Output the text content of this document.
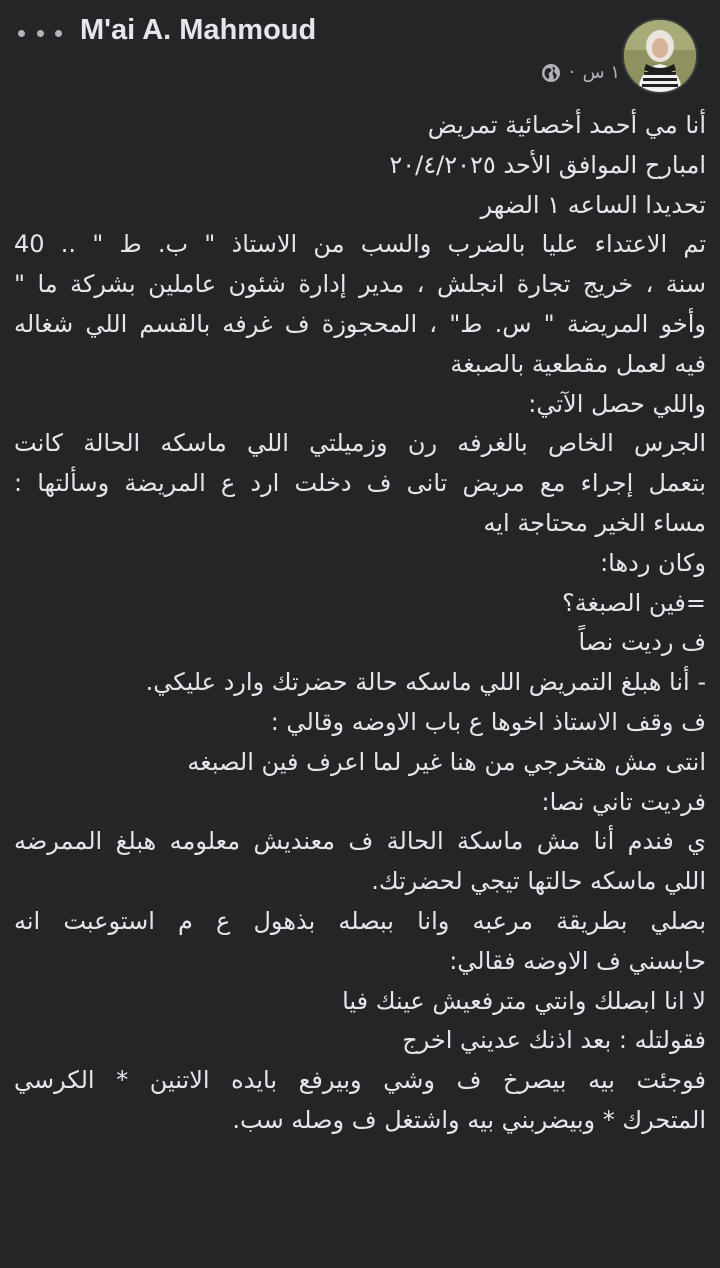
M'ai A. Mahmoud
· ١ س
أنا مي أحمد أخصائية تمريض
امبارح الموافق الأحد ٢٠/٤/٢٠٢٥
تحديدا الساعه ١ الضهر
تم الاعتداء عليا بالضرب والسب من الاستاذ " ب. ط " .. 40
سنة ، خريج تجارة انجلش ، مدير إدارة شئون عاملين بشركة ما "
وأخو المريضة " س. ط" ، المحجوزة ف غرفه بالقسم اللي شغاله
فيه لعمل مقطعية بالصبغة
واللي حصل الآتي:
الجرس الخاص بالغرفه رن وزميلتي اللي ماسكه الحالة كانت
بتعمل إجراء مع مريض تانى ف دخلت ارد ع المريضة وسألتها :
مساء الخير محتاجة ايه
وكان ردها:
=فين الصبغة؟
ف رديت نصاً
- أنا هبلغ التمريض اللي ماسكه حالة حضرتك وارد عليكي.
ف وقف الاستاذ اخوها ع باب الاوضه وقالي :
انتى مش هتخرجي من هنا غير لما اعرف فين الصبغه
فرديت تاني نصا:
ي فندم أنا مش ماسكة الحالة ف معنديش معلومه هبلغ الممرضه
اللي ماسكه حالتها تيجي لحضرتك.
بصلي بطريقة مرعبه وانا ببصله بذهول ع م استوعبت انه
حابسني ف الاوضه فقالي:
لا انا ابصلك وانتي مترفعيش عينك فيا
فقولتله : بعد اذنك عديني اخرج
فوجئت بيه بيصرخ ف وشي وبيرفع بايده الاتنين * الكرسي
المتحرك * وبيضربني بيه واشتغل ف وصله سب.
